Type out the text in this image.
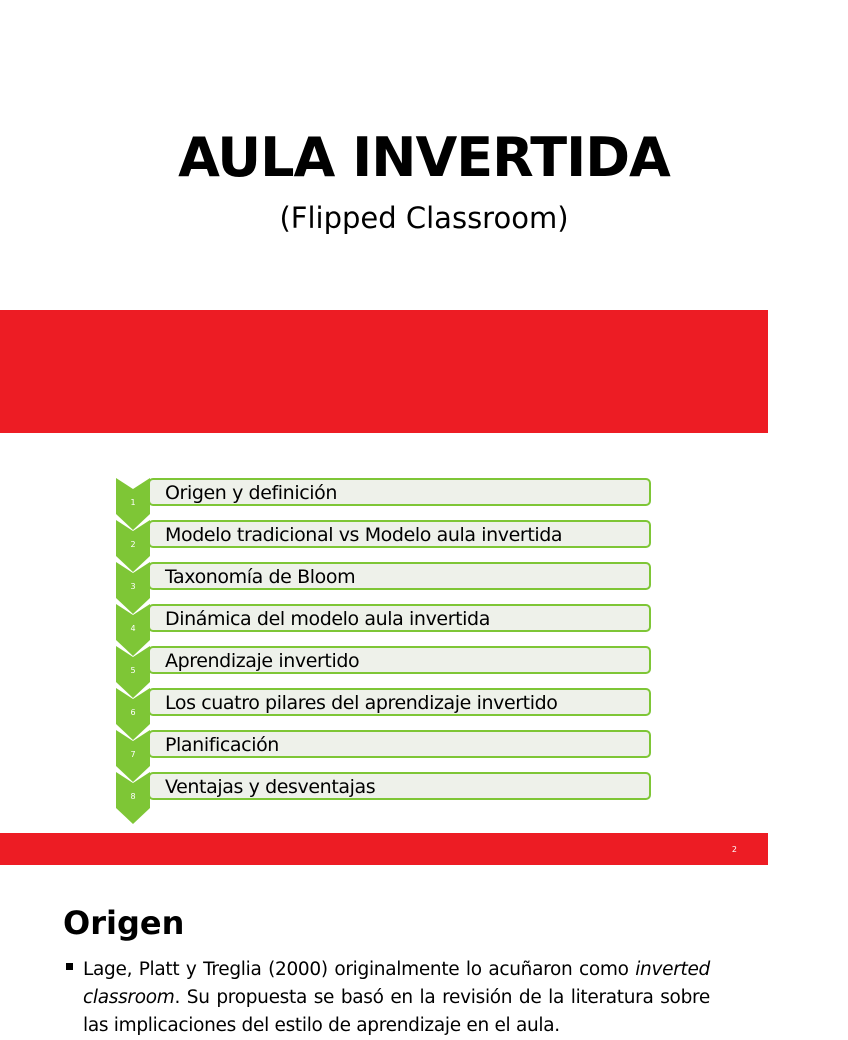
AULA INVERTIDA
(Flipped Classroom)
1	Origen y definición
2	Modelo tradicional vs Modelo aula invertida
3	Taxonomía de Bloom
4	Dinámica del modelo aula invertida
5	Aprendizaje invertido
6	Los cuatro pilares del aprendizaje invertido
7	Planificación
8	Ventajas y desventajas
2
Origen
Lage, Platt y Treglia (2000) originalmente lo acuñaron como inverted classroom. Su propuesta se basó en la revisión de la literatura sobre las implicaciones del estilo de aprendizaje en el aula.
